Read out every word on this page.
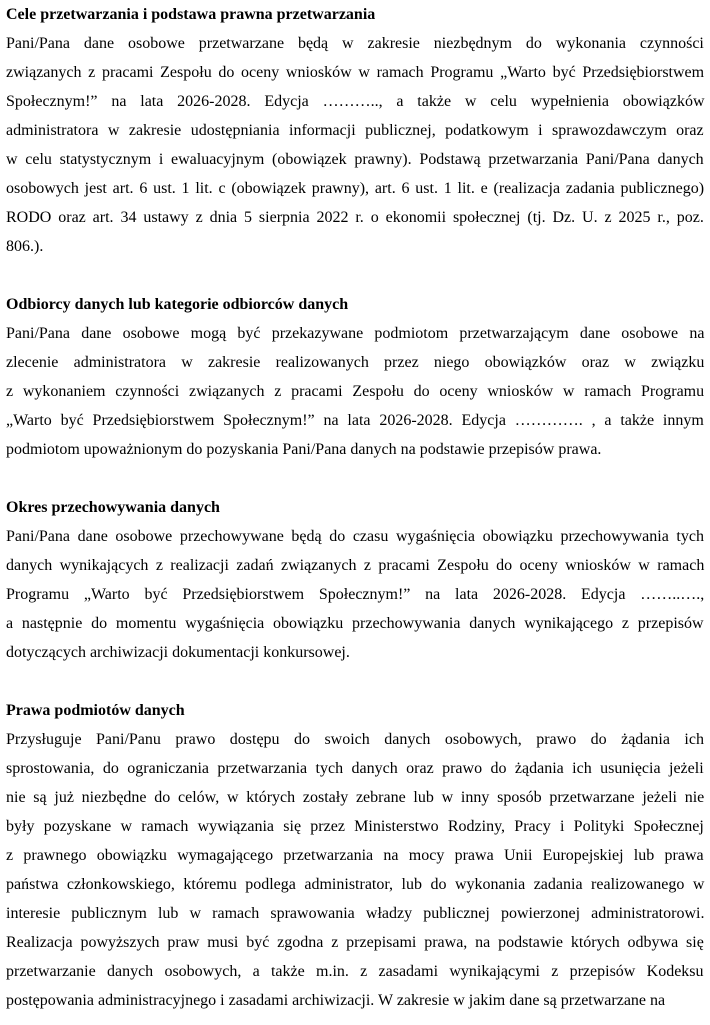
Cele przetwarzania i podstawa prawna przetwarzania

Pani/Pana dane osobowe przetwarzane będą w zakresie niezbędnym do wykonania czynności

związanych z pracami Zespołu do oceny wniosków w ramach Programu „Warto być Przedsiębiorstwem

Społecznym!” na lata 2026-2028. Edycja ……….., a także w celu wypełnienia obowiązków

administratora w zakresie udostępniania informacji publicznej, podatkowym i sprawozdawczym oraz

w celu statystycznym i ewaluacyjnym (obowiązek prawny). Podstawą przetwarzania Pani/Pana danych

osobowych jest art. 6 ust. 1 lit. c (obowiązek prawny), art. 6 ust. 1 lit. e (realizacja zadania publicznego)

RODO oraz art. 34 ustawy z dnia 5 sierpnia 2022 r. o ekonomii społecznej (tj. Dz. U. z 2025 r., poz.

806.).

Odbiorcy danych lub kategorie odbiorców danych

Pani/Pana dane osobowe mogą być przekazywane podmiotom przetwarzającym dane osobowe na

zlecenie administratora w zakresie realizowanych przez niego obowiązków oraz w związku

z wykonaniem czynności związanych z pracami Zespołu do oceny wniosków w ramach Programu

„Warto być Przedsiębiorstwem Społecznym!” na lata 2026-2028. Edycja …………. , a także innym

podmiotom upoważnionym do pozyskania Pani/Pana danych na podstawie przepisów prawa.

Okres przechowywania danych

Pani/Pana dane osobowe przechowywane będą do czasu wygaśnięcia obowiązku przechowywania tych

danych wynikających z realizacji zadań związanych z pracami Zespołu do oceny wniosków w ramach

Programu „Warto być Przedsiębiorstwem Społecznym!” na lata 2026-2028. Edycja ……..….,

a następnie do momentu wygaśnięcia obowiązku przechowywania danych wynikającego z przepisów

dotyczących archiwizacji dokumentacji konkursowej.

Prawa podmiotów danych

Przysługuje Pani/Panu prawo dostępu do swoich danych osobowych, prawo do żądania ich

sprostowania, do ograniczania przetwarzania tych danych oraz prawo do żądania ich usunięcia jeżeli

nie są już niezbędne do celów, w których zostały zebrane lub w inny sposób przetwarzane jeżeli nie

były pozyskane w ramach wywiązania się przez Ministerstwo Rodziny, Pracy i Polityki Społecznej

z prawnego obowiązku wymagającego przetwarzania na mocy prawa Unii Europejskiej lub prawa

państwa członkowskiego, któremu podlega administrator, lub do wykonania zadania realizowanego w

interesie publicznym lub w ramach sprawowania władzy publicznej powierzonej administratorowi.

Realizacja powyższych praw musi być zgodna z przepisami prawa, na podstawie których odbywa się

przetwarzanie danych osobowych, a także m.in. z zasadami wynikającymi z przepisów Kodeksu

postępowania administracyjnego i zasadami archiwizacji. W zakresie w jakim dane są przetwarzane na
